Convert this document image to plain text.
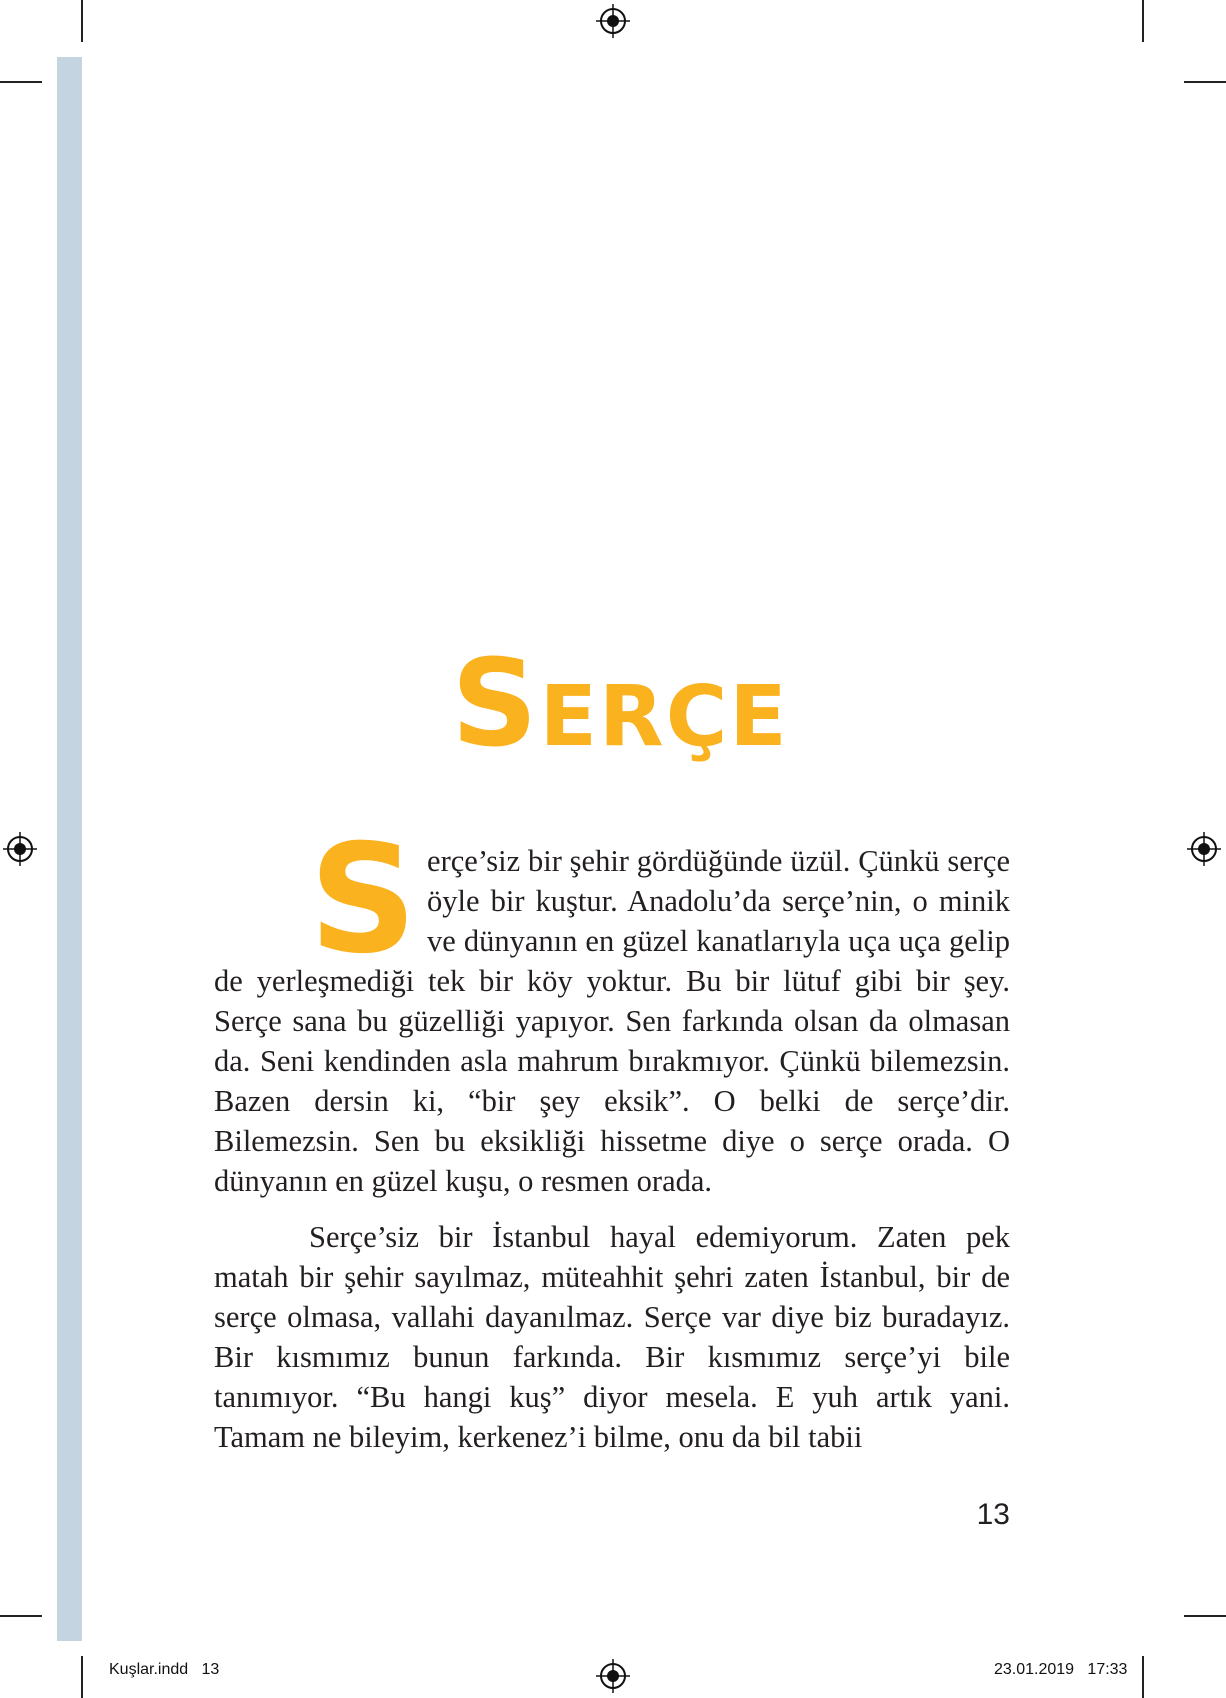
Serçe

Serçe’siz bir şehir gördüğünde üzül. Çünkü serçe öyle bir kuştur. Anadolu’da serçe’nin, o minik ve dünyanın en güzel kanatlarıyla uça uça gelip de yerleşmediği tek bir köy yoktur. Bu bir lütuf gibi bir şey. Serçe sana bu güzelliği yapıyor. Sen farkında olsan da olmasan da. Seni kendinden asla mahrum bırakmıyor. Çünkü bilemezsin. Bazen dersin ki, “bir şey eksik”. O belki de serçe’dir. Bilemezsin. Sen bu eksikliği hissetme diye o serçe orada. O dünyanın en güzel kuşu, o resmen orada.

Serçe’siz bir İstanbul hayal edemiyorum. Zaten pek matah bir şehir sayılmaz, müteahhit şehri zaten İstanbul, bir de serçe olmasa, vallahi dayanılmaz. Serçe var diye biz buradayız. Bir kısmımız bunun farkında. Bir kısmımız serçe’yi bile tanımıyor. “Bu hangi kuş” diyor mesela. E yuh artık yani. Tamam ne bileyim, kerkenez’i bilme, onu da bil tabii

13
Kuşlar.indd   13	23.01.2019   17:33
